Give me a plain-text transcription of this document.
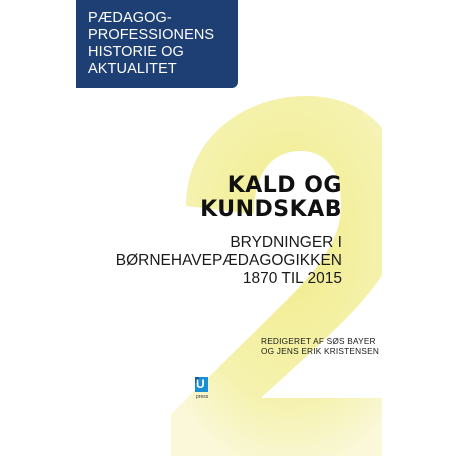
PÆDAGOG-
PROFESSIONENS
HISTORIE OG
AKTUALITET
KALD OG
KUNDSKAB
BRYDNINGER I
BØRNEHAVEPÆDAGOGIKKEN
1870 TIL 2015
REDIGERET AF SØS BAYER
OG JENS ERIK KRISTENSEN
U
press
